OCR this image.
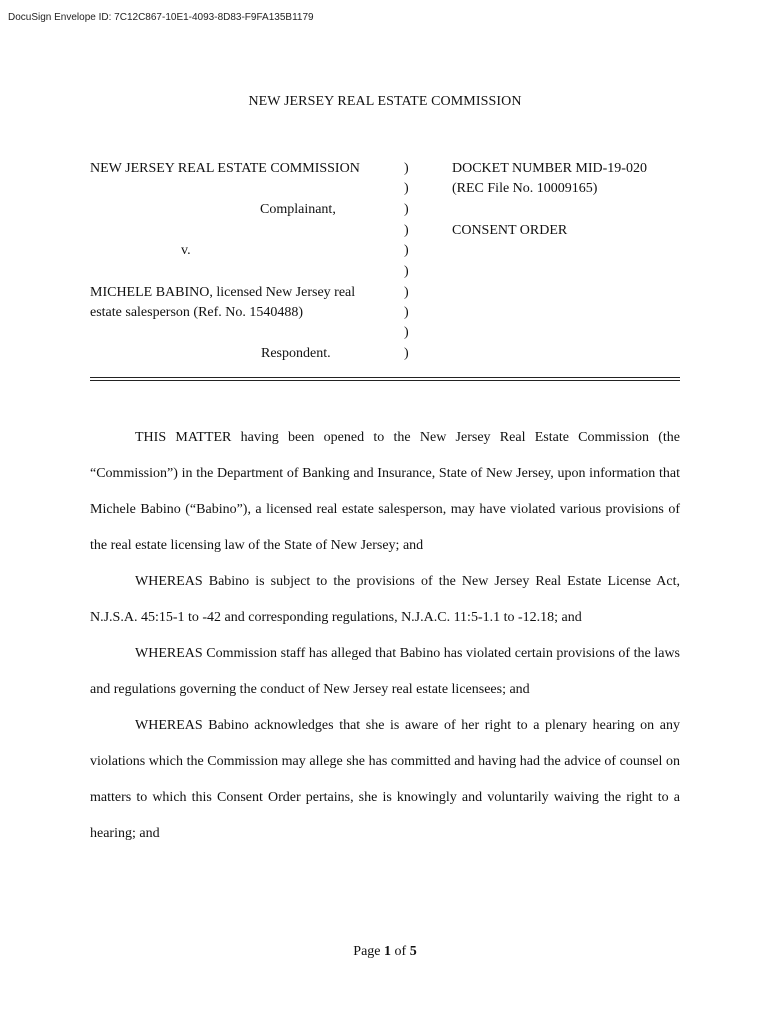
DocuSign Envelope ID: 7C12C867-10E1-4093-8D83-F9FA135B1179
NEW JERSEY REAL ESTATE COMMISSION
NEW JERSEY REAL ESTATE COMMISSION
Complainant,
v.
MICHELE BABINO, licensed New Jersey real
estate salesperson (Ref. No. 1540488)
Respondent.
)
)
)
)
)
)
)
)
)
)
DOCKET NUMBER MID-19-020
(REC File No. 10009165)
CONSENT ORDER

THIS MATTER having been opened to the New Jersey Real Estate Commission (the “Commission”) in the Department of Banking and Insurance, State of New Jersey, upon information that Michele Babino (“Babino”), a licensed real estate salesperson, may have violated various provisions of the real estate licensing law of the State of New Jersey; and

WHEREAS Babino is subject to the provisions of the New Jersey Real Estate License Act, N.J.S.A. 45:15-1 to -42 and corresponding regulations, N.J.A.C. 11:5-1.1 to -12.18; and

WHEREAS Commission staff has alleged that Babino has violated certain provisions of the laws and regulations governing the conduct of New Jersey real estate licensees; and

WHEREAS Babino acknowledges that she is aware of her right to a plenary hearing on any violations which the Commission may allege she has committed and having had the advice of counsel on matters to which this Consent Order pertains, she is knowingly and voluntarily waiving the right to a hearing; and

Page 1 of 5
